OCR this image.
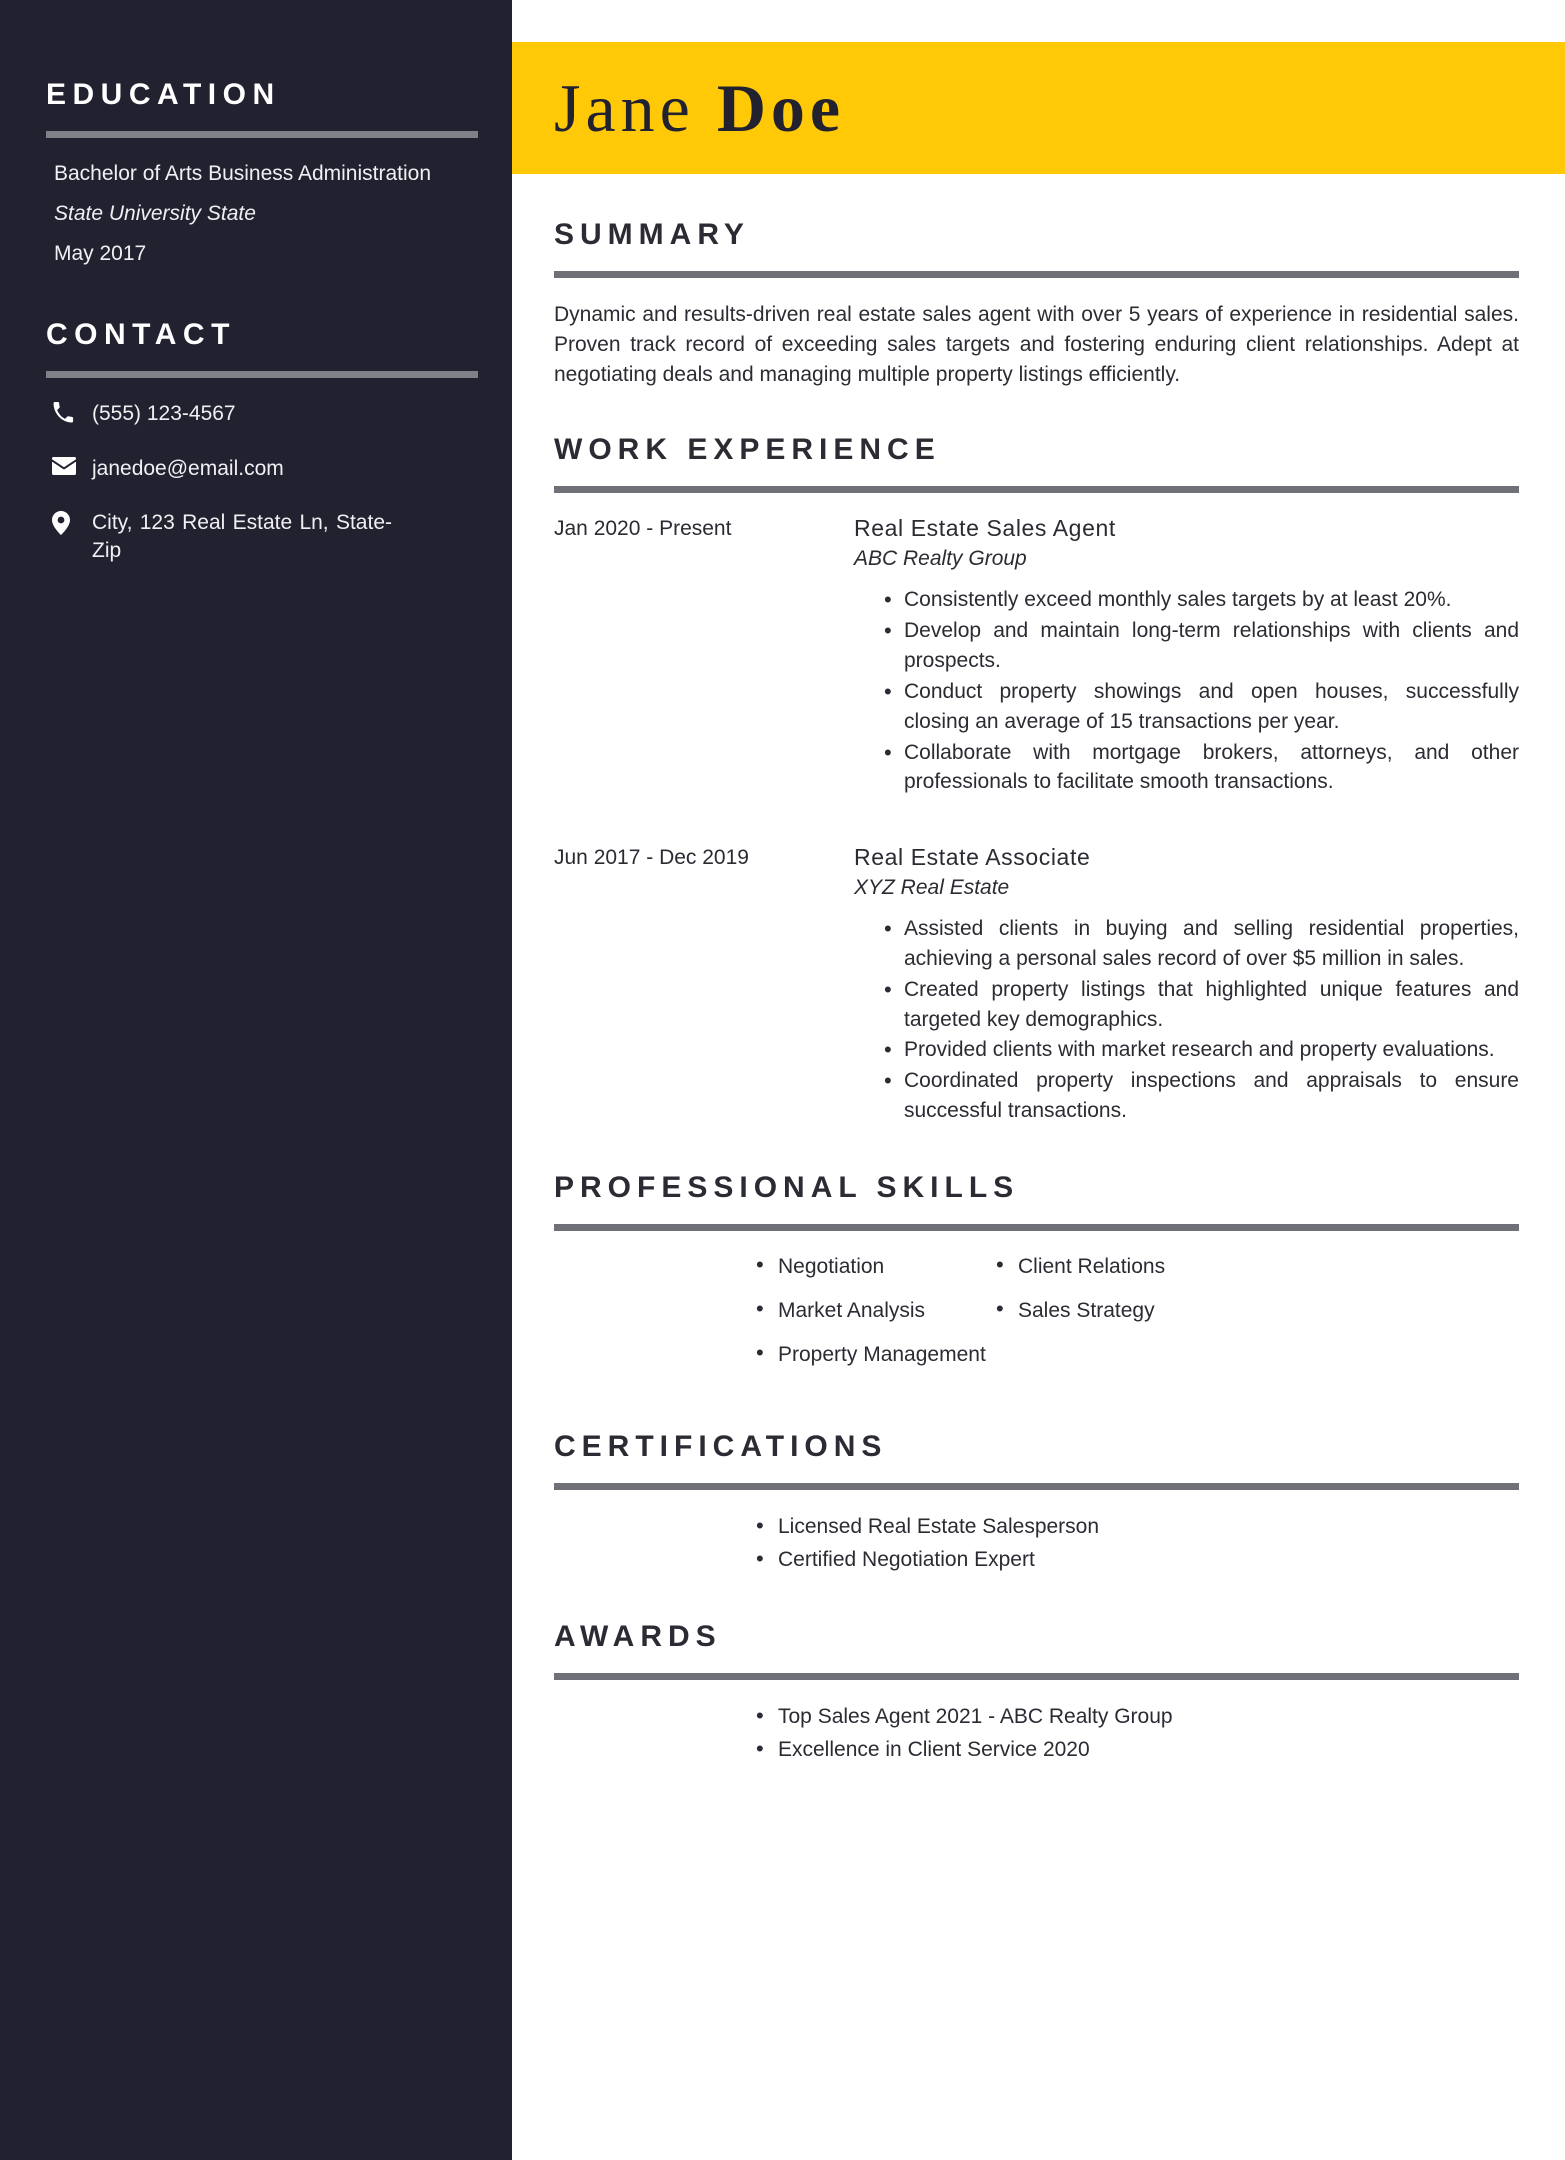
EDUCATION

Bachelor of Arts Business Administration

State University State

May 2017

CONTACT
(555) 123-4567
janedoe@email.com
City, 123 Real Estate Ln, State-Zip
Jane Doe
SUMMARY

Dynamic and results-driven real estate sales agent with over 5 years of experience in residential sales. Proven track record of exceeding sales targets and fostering enduring client relationships. Adept at negotiating deals and managing multiple property listings efficiently.

WORK EXPERIENCE
Jan 2020 - Present	Real Estate Sales Agent

ABC Realty Group

• Consistently exceed monthly sales targets by at least 20%.
• Develop and maintain long-term relationships with clients and prospects.
• Conduct property showings and open houses, successfully closing an average of 15 transactions per year.
• Collaborate with mortgage brokers, attorneys, and other professionals to facilitate smooth transactions.
Jun 2017 - Dec 2019	Real Estate Associate

XYZ Real Estate

• Assisted clients in buying and selling residential properties, achieving a personal sales record of over $5 million in sales.
• Created property listings that highlighted unique features and targeted key demographics.
• Provided clients with market research and property evaluations.
• Coordinated property inspections and appraisals to ensure successful transactions.
PROFESSIONAL SKILLS
• Negotiation
• Market Analysis
• Property Management
• Client Relations
• Sales Strategy
CERTIFICATIONS
• Licensed Real Estate Salesperson
• Certified Negotiation Expert
AWARDS
• Top Sales Agent 2021 - ABC Realty Group
• Excellence in Client Service 2020
